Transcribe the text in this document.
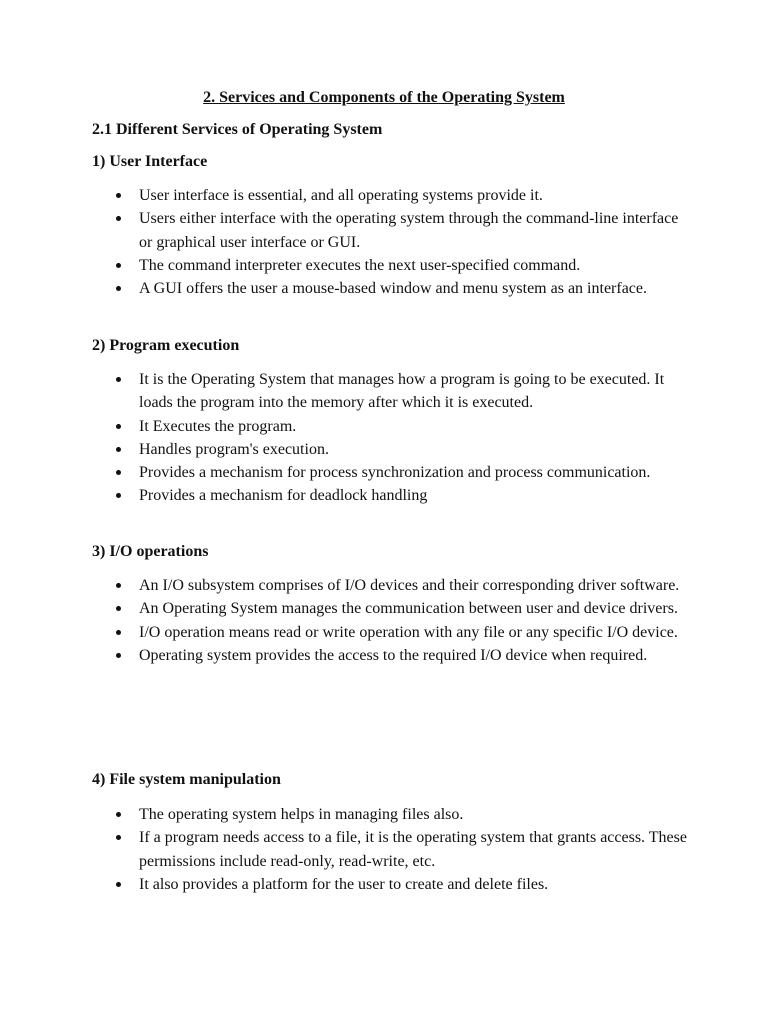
2. Services and Components of the Operating System
2.1 Different Services of Operating System
1) User Interface
User interface is essential, and all operating systems provide it.
Users either interface with the operating system through the command-line interface or graphical user interface or GUI.
The command interpreter executes the next user-specified command.
A GUI offers the user a mouse-based window and menu system as an interface.
2) Program execution
It is the Operating System that manages how a program is going to be executed. It loads the program into the memory after which it is executed.
It Executes the program.
Handles program's execution.
Provides a mechanism for process synchronization and process communication.
Provides a mechanism for deadlock handling
3) I/O operations
An I/O subsystem comprises of I/O devices and their corresponding driver software.
An Operating System manages the communication between user and device drivers.
I/O operation means read or write operation with any file or any specific I/O device.
Operating system provides the access to the required I/O device when required.
4) File system manipulation
The operating system helps in managing files also.
If a program needs access to a file, it is the operating system that grants access. These permissions include read-only, read-write, etc.
It also provides a platform for the user to create and delete files.
